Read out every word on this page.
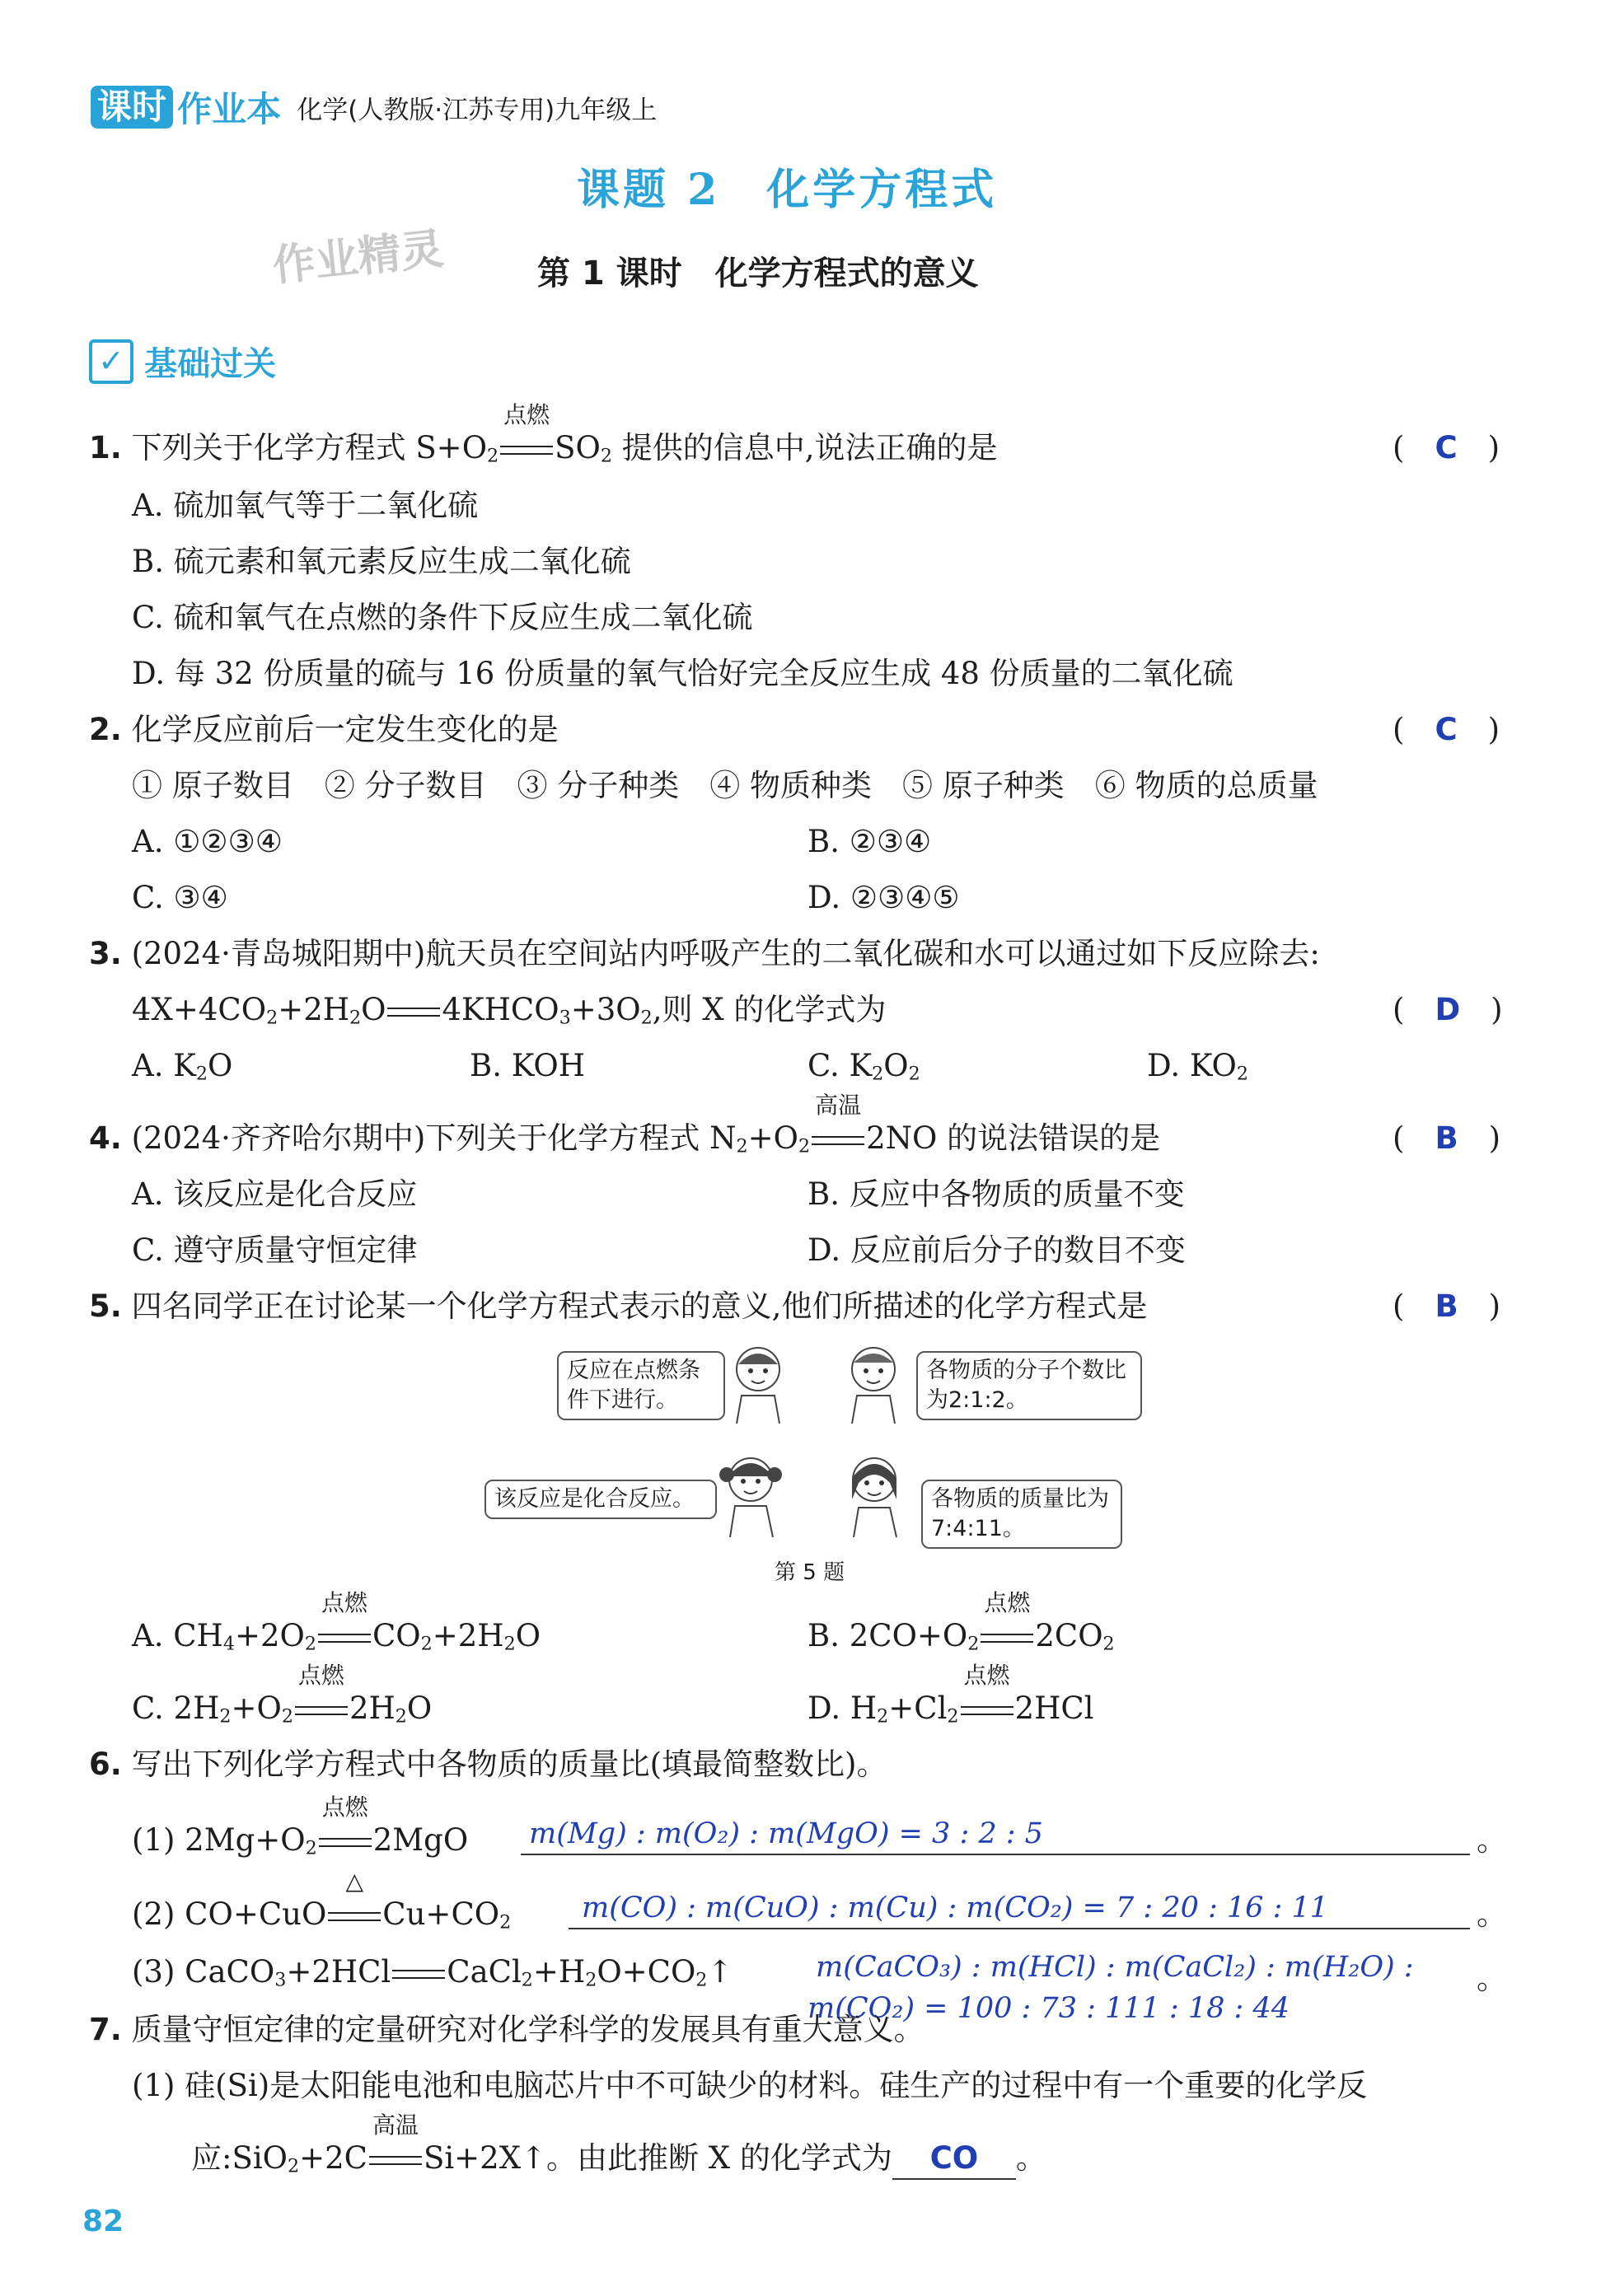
课时 作业本 化学(人教版·江苏专用)九年级上
课题 2　化学方程式
作业精灵	第 1 课时　化学方程式的意义
✓ 基础过关
1. 下列关于化学方程式 $S+O_2$
点燃
$SO_2$ 提供的信息中,说法正确的是	(　C　)
A. 硫加氧气等于二氧化硫
B. 硫元素和氧元素反应生成二氧化硫
C. 硫和氧气在点燃的条件下反应生成二氧化硫
D. 每 32 份质量的硫与 16 份质量的氧气恰好完全反应生成 48 份质量的二氧化硫
2. 化学反应前后一定发生变化的是	(　C　)
① 原子数目　② 分子数目　③ 分子种类　④ 物质种类　⑤ 原子种类　⑥ 物质的总质量
A. ①②③④	B. ②③④
C. ③④	D. ②③④⑤
3. (2024·青岛城阳期中)航天员在空间站内呼吸产生的二氧化碳和水可以通过如下反应除去:
$4X+4CO_2+2H_2O$ $4KHCO_3+3O_2$,则 X 的化学式为	(　D　)
A. $K_2O$	B. KOH	C. $K_2O_2$	D. $KO_2$
4. (2024·齐齐哈尔期中)下列关于化学方程式 $N_2+O_2$
高温
2NO 的说法错误的是	(　B　)
A. 该反应是化合反应	B. 反应中各物质的质量不变
C. 遵守质量守恒定律	D. 反应前后分子的数目不变
5. 四名同学正在讨论某一个化学方程式表示的意义,他们所描述的化学方程式是	(　B　)
反应在点燃条件下进行。
各物质的分子个数比为2:1:2。
该反应是化合反应。	各物质的质量比为7:4:11。
第 5 题
A. $CH_4+2O_2$
点燃
$CO_2+2H_2O$	B. $2CO+O_2$
点燃
$2CO_2$
C. $2H_2+O_2$
点燃
$2H_2O$	D. $H_2+Cl_2$
点燃
2HCl
6. 写出下列化学方程式中各物质的质量比(填最简整数比)。
(1) $2Mg+O_2$
点燃
2MgO m(Mg) : m(O₂) : m(MgO) = 3 : 2 : 5	。
(2) CO+CuO
△
$Cu+CO_2$	m(CO) : m(CuO) : m(Cu) : m(CO₂) = 7 : 20 : 16 : 11	。
(3) CaCO$_3$+2HCl $CaCl_2+H_2O+CO_2↑$	m(CaCO₃) : m(HCl) : m(CaCl₂) : m(H₂O) :
m(CO₂) = 100 : 73 : 111 : 18 : 44
。
7. 质量守恒定律的定量研究对化学科学的发展具有重大意义。
(1) 硅(Si)是太阳能电池和电脑芯片中不可缺少的材料。硅生产的过程中有一个重要的化学反
应:SiO$_2$+2C
高温
Si+2X↑。由此推断 X 的化学式为 CO 。
82
